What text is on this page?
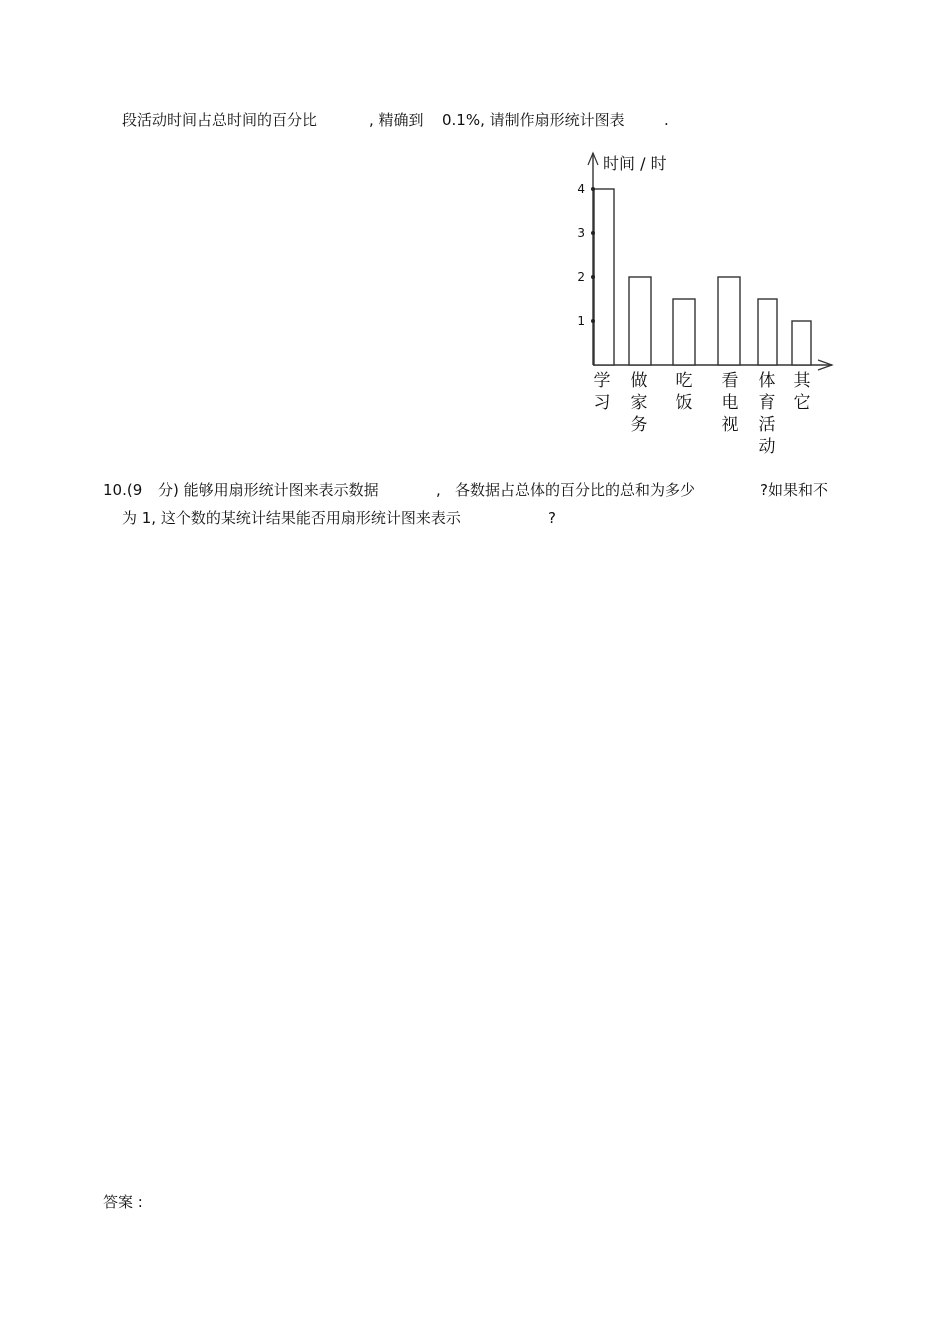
段活动时间占总时间的百分比	, 精确到 0.1%, 请制作扇形统计图表	.
1
2
3
4
学习
做家务
吃饭
看电视
体育活动
其它
时间 / 时
10.(9 分) 能够用扇形统计图来表示数据	, 各数据占总体的百分比的总和为多少	?如果和不
为 1, 这个数的某统计结果能否用扇形统计图来表示	?
答案 :
